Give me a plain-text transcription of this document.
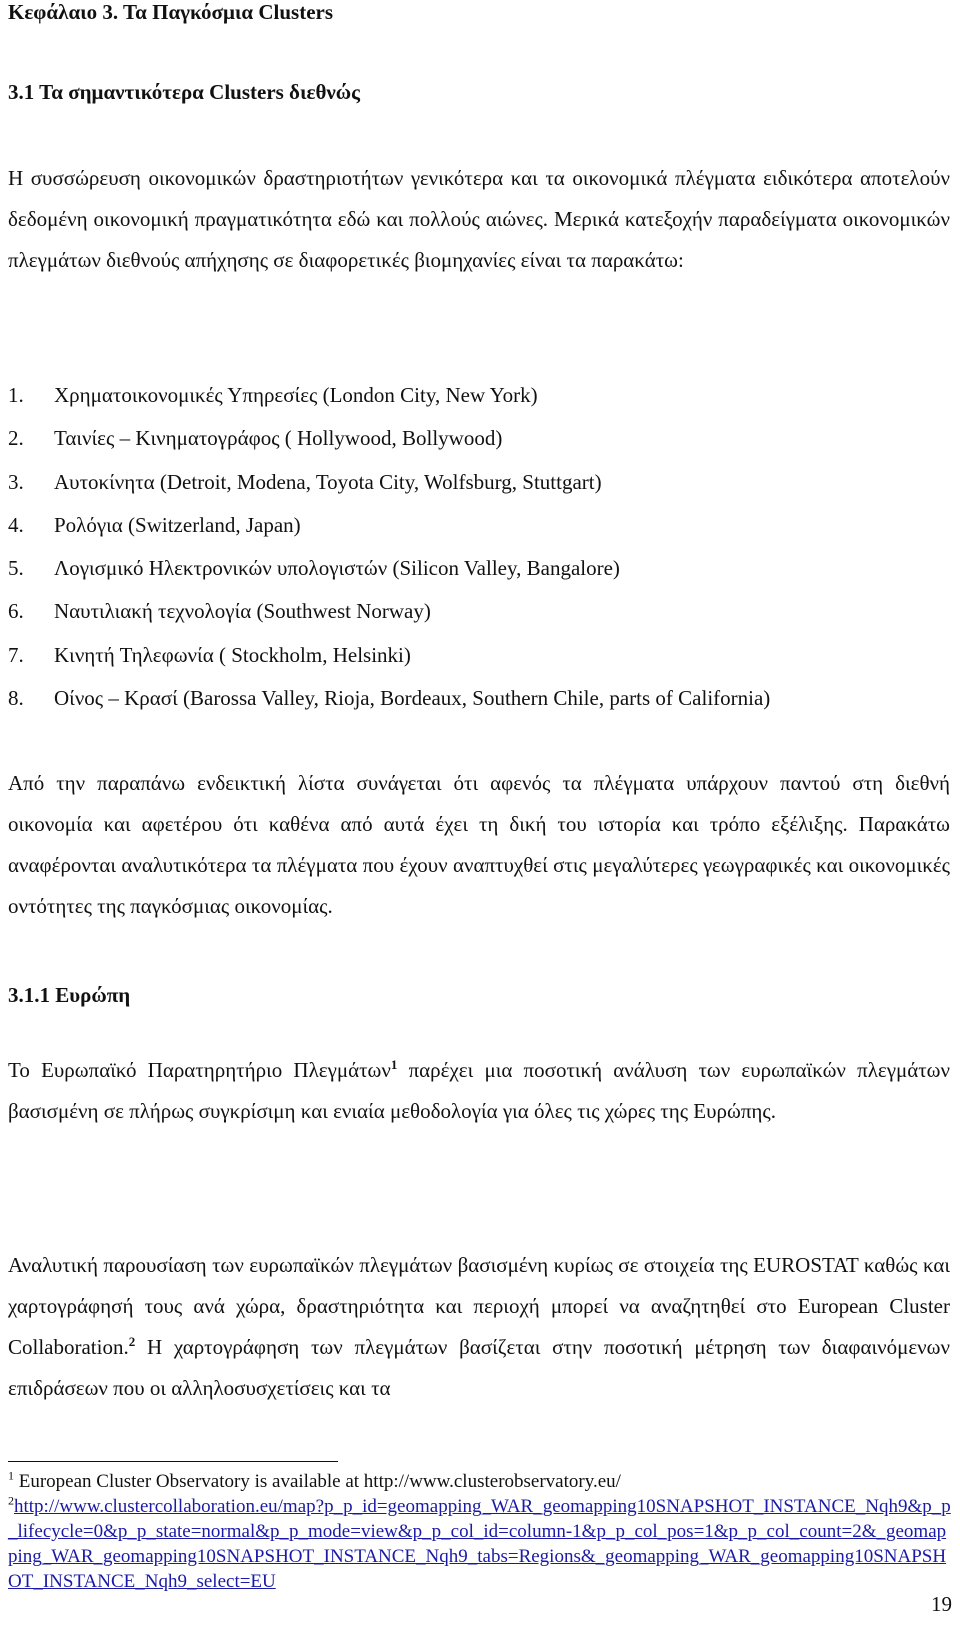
Κεφάλαιο 3. Τα Παγκόσμια Clusters
3.1 Τα σημαντικότερα Clusters διεθνώς

Η συσσώρευση οικονομικών δραστηριοτήτων γενικότερα και τα οικονομικά πλέγματα ειδικότερα αποτελούν δεδομένη οικονομική πραγματικότητα εδώ και πολλούς αιώνες. Μερικά κατεξοχήν παραδείγματα οικονομικών πλεγμάτων διεθνούς απήχησης σε διαφορετικές βιομηχανίες είναι τα παρακάτω:

1. Χρηματοικονομικές Υπηρεσίες (London City, New York)
2. Ταινίες – Κινηματογράφος ( Hollywood, Bollywood)
3. Αυτοκίνητα (Detroit, Modena, Toyota City, Wolfsburg, Stuttgart)
4. Ρολόγια (Switzerland, Japan)
5. Λογισμικό Ηλεκτρονικών υπολογιστών (Silicon Valley, Bangalore)
6. Ναυτιλιακή τεχνολογία (Southwest Norway)
7. Κινητή Τηλεφωνία ( Stockholm, Helsinki)
8. Οίνος – Κρασί (Barossa Valley, Rioja, Bordeaux, Southern Chile, parts of California)

Από την παραπάνω ενδεικτική λίστα συνάγεται ότι αφενός τα πλέγματα υπάρχουν παντού στη διεθνή οικονομία και αφετέρου ότι καθένα από αυτά έχει τη δική του ιστορία και τρόπο εξέλιξης. Παρακάτω αναφέρονται αναλυτικότερα τα πλέγματα που έχουν αναπτυχθεί στις μεγαλύτερες γεωγραφικές και οικονομικές οντότητες της παγκόσμιας οικονομίας.

3.1.1 Ευρώπη

Το Ευρωπαϊκό Παρατηρητήριο Πλεγμάτων$^1$ παρέχει μια ποσοτική ανάλυση των ευρωπαϊκών πλεγμάτων βασισμένη σε πλήρως συγκρίσιμη και ενιαία μεθοδολογία για όλες τις χώρες της Ευρώπης.

Αναλυτική παρουσίαση των ευρωπαϊκών πλεγμάτων βασισμένη κυρίως σε στοιχεία της EUROSTAT καθώς και χαρτογράφησή τους ανά χώρα, δραστηριότητα και περιοχή μπορεί να αναζητηθεί στο European Cluster Collaboration.$^2$ Η χαρτογράφηση των πλεγμάτων βασίζεται στην ποσοτική μέτρηση των διαφαινόμενων επιδράσεων που οι αλληλοσυσχετίσεις και τα

$^1$ European Cluster Observatory is available at http://www.clusterobservatory.eu/

$^2$http://www.clustercollaboration.eu/map?p_p_id=geomapping_WAR_geomapping10SNAPSHOT_INSTANCE_Nqh9&p_p_lifecycle=0&p_p_state=normal&p_p_mode=view&p_p_col_id=column-1&p_p_col_pos=1&p_p_col_count=2&_geomapping_WAR_geomapping10SNAPSHOT_INSTANCE_Nqh9_tabs=Regions&_geomapping_WAR_geomapping10SNAPSHOT_INSTANCE_Nqh9_select=EU

19
